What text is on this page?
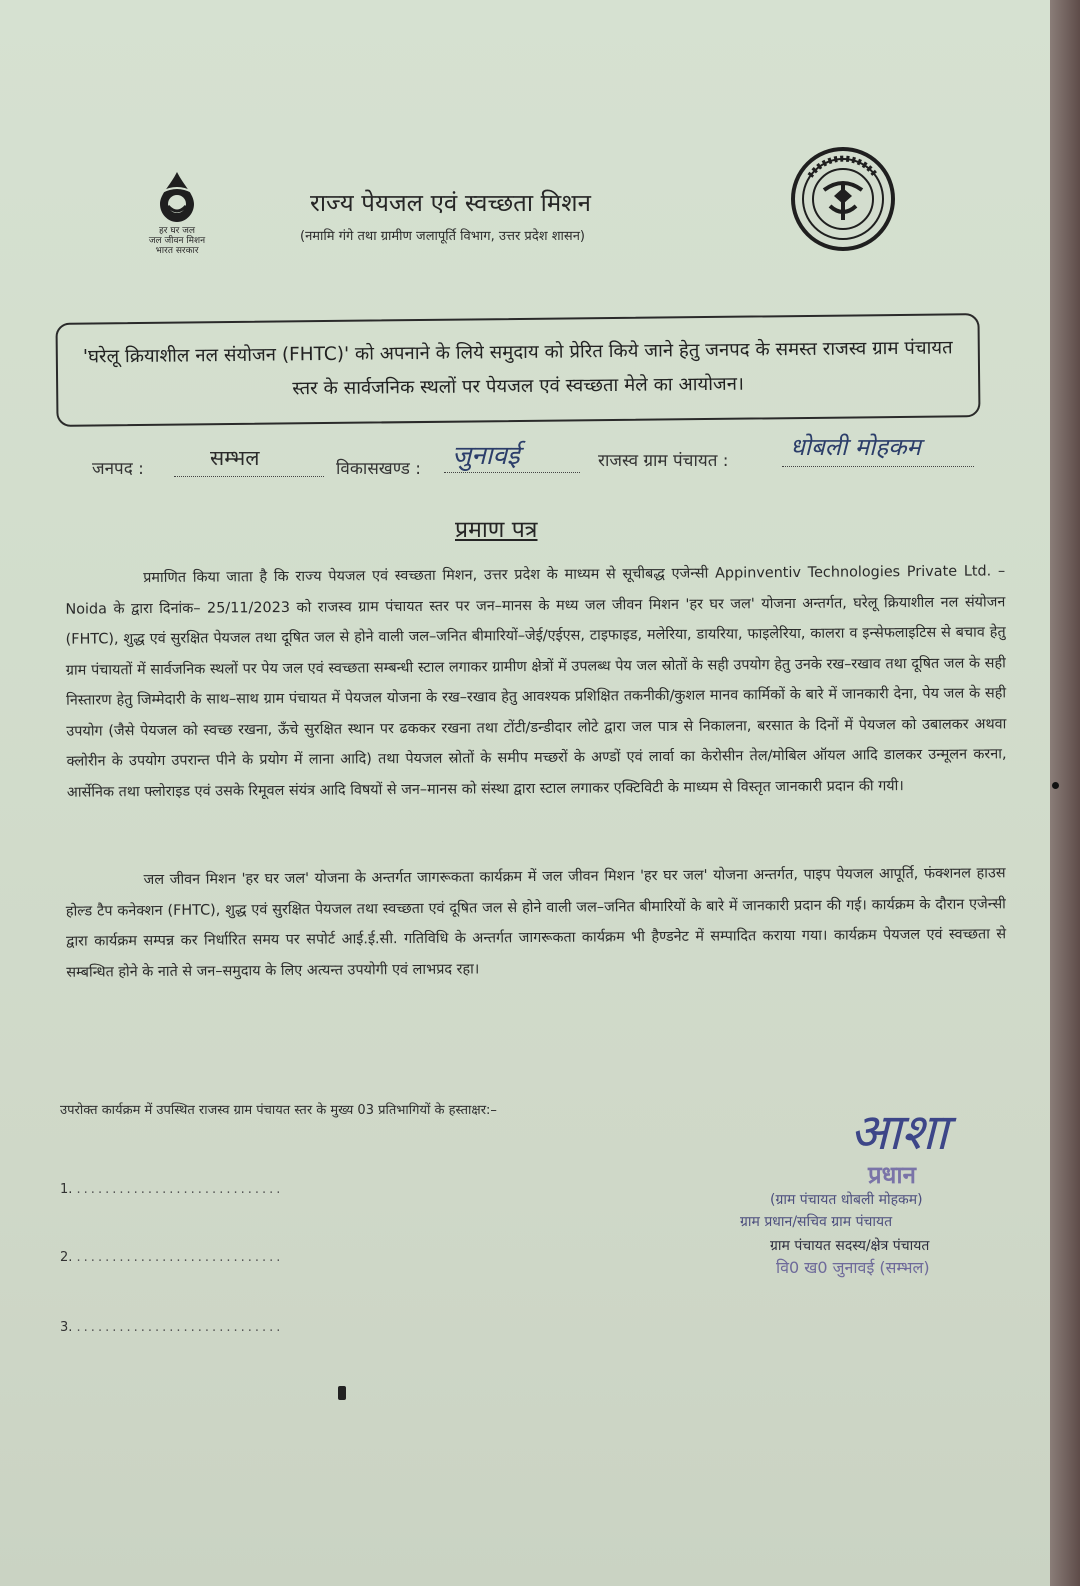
हर घर जल
जल जीवन मिशन
भारत सरकार
राज्य पेयजल एवं स्वच्छता मिशन
(नमामि गंगे तथा ग्रामीण जलापूर्ति विभाग, उत्तर प्रदेश शासन)

'घरेलू क्रियाशील नल संयोजन (FHTC)' को अपनाने के लिये समुदाय को प्रेरित किये जाने हेतु जनपद के समस्त राजस्व ग्राम पंचायत स्तर के सार्वजनिक स्थलों पर पेयजल एवं स्वच्छता मेले का आयोजन।

जनपद :	सम्भल	विकासखण्ड : जुनावई	राजस्व ग्राम पंचायत :	धोबली मोहकम
प्रमाण पत्र
प्रमाणित किया जाता है कि राज्य पेयजल एवं स्वच्छता मिशन, उत्तर प्रदेश के माध्यम से सूचीबद्ध एजेन्सी Appinventiv Technologies Private Ltd. – Noida के द्वारा दिनांक– 25/11/2023 को राजस्व ग्राम पंचायत स्तर पर जन–मानस के मध्य जल जीवन मिशन 'हर घर जल' योजना अन्तर्गत, घरेलू क्रियाशील नल संयोजन (FHTC), शुद्ध एवं सुरक्षित पेयजल तथा दूषित जल से होने वाली जल–जनित बीमारियों–जेई/एईएस, टाइफाइड, मलेरिया, डायरिया, फाइलेरिया, कालरा व इन्सेफलाइटिस से बचाव हेतु ग्राम पंचायतों में सार्वजनिक स्थलों पर पेय जल एवं स्वच्छता सम्बन्धी स्टाल लगाकर ग्रामीण क्षेत्रों में उपलब्ध पेय जल स्रोतों के सही उपयोग हेतु उनके रख–रखाव तथा दूषित जल के सही निस्तारण हेतु जिम्मेदारी के साथ–साथ ग्राम पंचायत में पेयजल योजना के रख–रखाव हेतु आवश्यक प्रशिक्षित तकनीकी/कुशल मानव कार्मिकों के बारे में जानकारी देना, पेय जल के सही उपयोग (जैसे पेयजल को स्वच्छ रखना, ऊँचे सुरक्षित स्थान पर ढककर रखना तथा टोंटी/डन्डीदार लोटे द्वारा जल पात्र से निकालना, बरसात के दिनों में पेयजल को उबालकर अथवा क्लोरीन के उपयोग उपरान्त पीने के प्रयोग में लाना आदि) तथा पेयजल स्रोतों के समीप मच्छरों के अण्डों एवं लार्वा का केरोसीन तेल/मोबिल ऑयल आदि डालकर उन्मूलन करना, आर्सेनिक तथा फ्लोराइड एवं उसके रिमूवल संयंत्र आदि विषयों से जन–मानस को संस्था द्वारा स्टाल लगाकर एक्टिविटी के माध्यम से विस्तृत जानकारी प्रदान की गयी।
जल जीवन मिशन 'हर घर जल' योजना के अन्तर्गत जागरूकता कार्यक्रम में जल जीवन मिशन 'हर घर जल' योजना अन्तर्गत, पाइप पेयजल आपूर्ति, फंक्शनल हाउस होल्ड टैप कनेक्शन (FHTC), शुद्ध एवं सुरक्षित पेयजल तथा स्वच्छता एवं दूषित जल से होने वाली जल–जनित बीमारियों के बारे में जानकारी प्रदान की गई। कार्यक्रम के दौरान एजेन्सी द्वारा कार्यक्रम सम्पन्न कर निर्धारित समय पर सपोर्ट आई.ई.सी. गतिविधि के अन्तर्गत जागरूकता कार्यक्रम भी हैण्डनेट में सम्पादित कराया गया। कार्यक्रम पेयजल एवं स्वच्छता से सम्बन्धित होने के नाते से जन–समुदाय के लिए अत्यन्त उपयोगी एवं लाभप्रद रहा।
उपरोक्त कार्यक्रम में उपस्थित राजस्व ग्राम पंचायत स्तर के मुख्य 03 प्रतिभागियों के हस्ताक्षर:–
1. .............................
2. .............................
3. .............................
आशा
प्रधान
(ग्राम पंचायत धोबली मोहकम)
ग्राम प्रधान/सचिव ग्राम पंचायत
ग्राम पंचायत सदस्य/क्षेत्र पंचायत
वि0 ख0 जुनावई (सम्भल)
